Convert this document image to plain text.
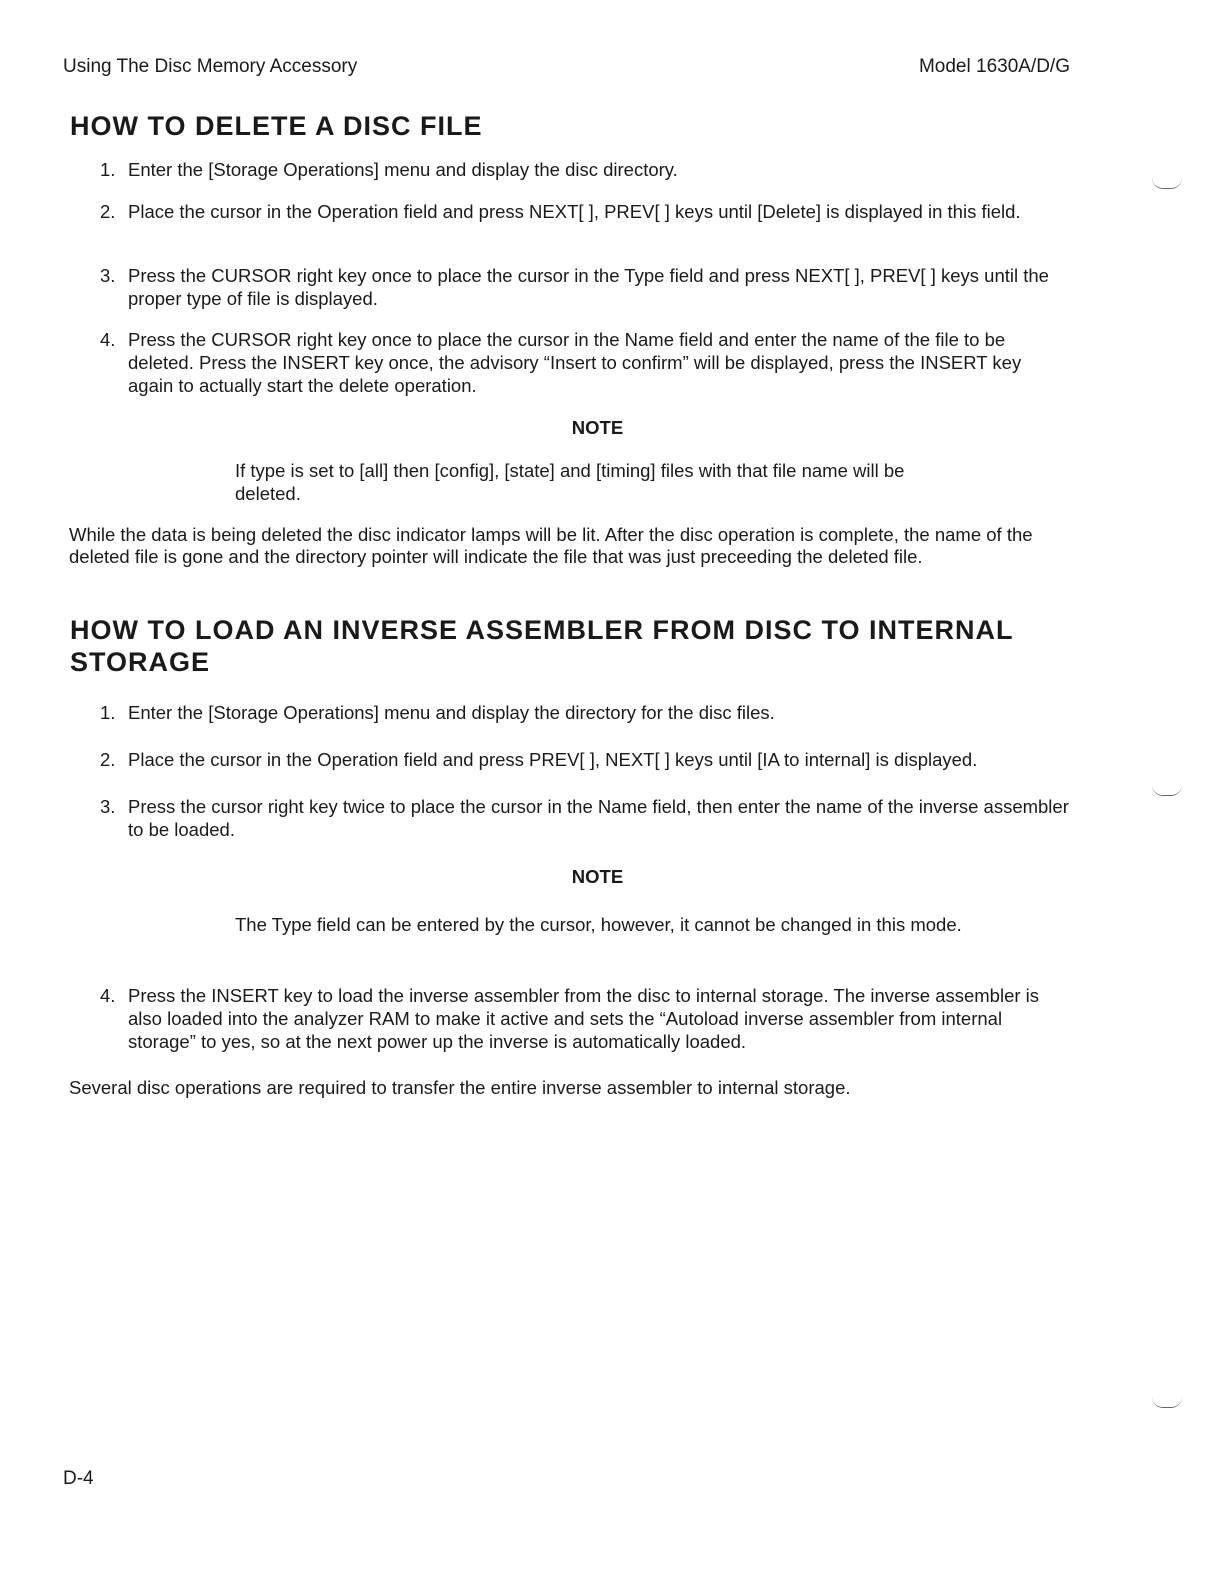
Using The Disc Memory Accessory	Model 1630A/D/G
HOW TO DELETE A DISC FILE
1. Enter the [Storage Operations] menu and display the disc directory.
2. Place the cursor in the Operation field and press NEXT[ ], PREV[ ] keys until [Delete] is displayed in this field.
3. Press the CURSOR right key once to place the cursor in the Type field and press NEXT[ ], PREV[ ] keys until the proper type of file is displayed.
4. Press the CURSOR right key once to place the cursor in the Name field and enter the name of the file to be deleted. Press the INSERT key once, the advisory “Insert to confirm” will be displayed, press the INSERT key again to actually start the delete operation.
NOTE
If type is set to [all] then [config], [state] and [timing] files with that file name will be deleted.
While the data is being deleted the disc indicator lamps will be lit. After the disc operation is complete, the name of the deleted file is gone and the directory pointer will indicate the file that was just preceeding the deleted file.
HOW TO LOAD AN INVERSE ASSEMBLER FROM DISC TO INTERNAL STORAGE
1. Enter the [Storage Operations] menu and display the directory for the disc files.
2. Place the cursor in the Operation field and press PREV[ ], NEXT[ ] keys until [IA to internal] is displayed.
3. Press the cursor right key twice to place the cursor in the Name field, then enter the name of the inverse assembler to be loaded.
NOTE
The Type field can be entered by the cursor, however, it cannot be changed in this mode.
4. Press the INSERT key to load the inverse assembler from the disc to internal storage. The inverse assembler is also loaded into the analyzer RAM to make it active and sets the “Autoload inverse assembler from internal storage” to yes, so at the next power up the inverse is automatically loaded.
Several disc operations are required to transfer the entire inverse assembler to internal storage.
D-4
